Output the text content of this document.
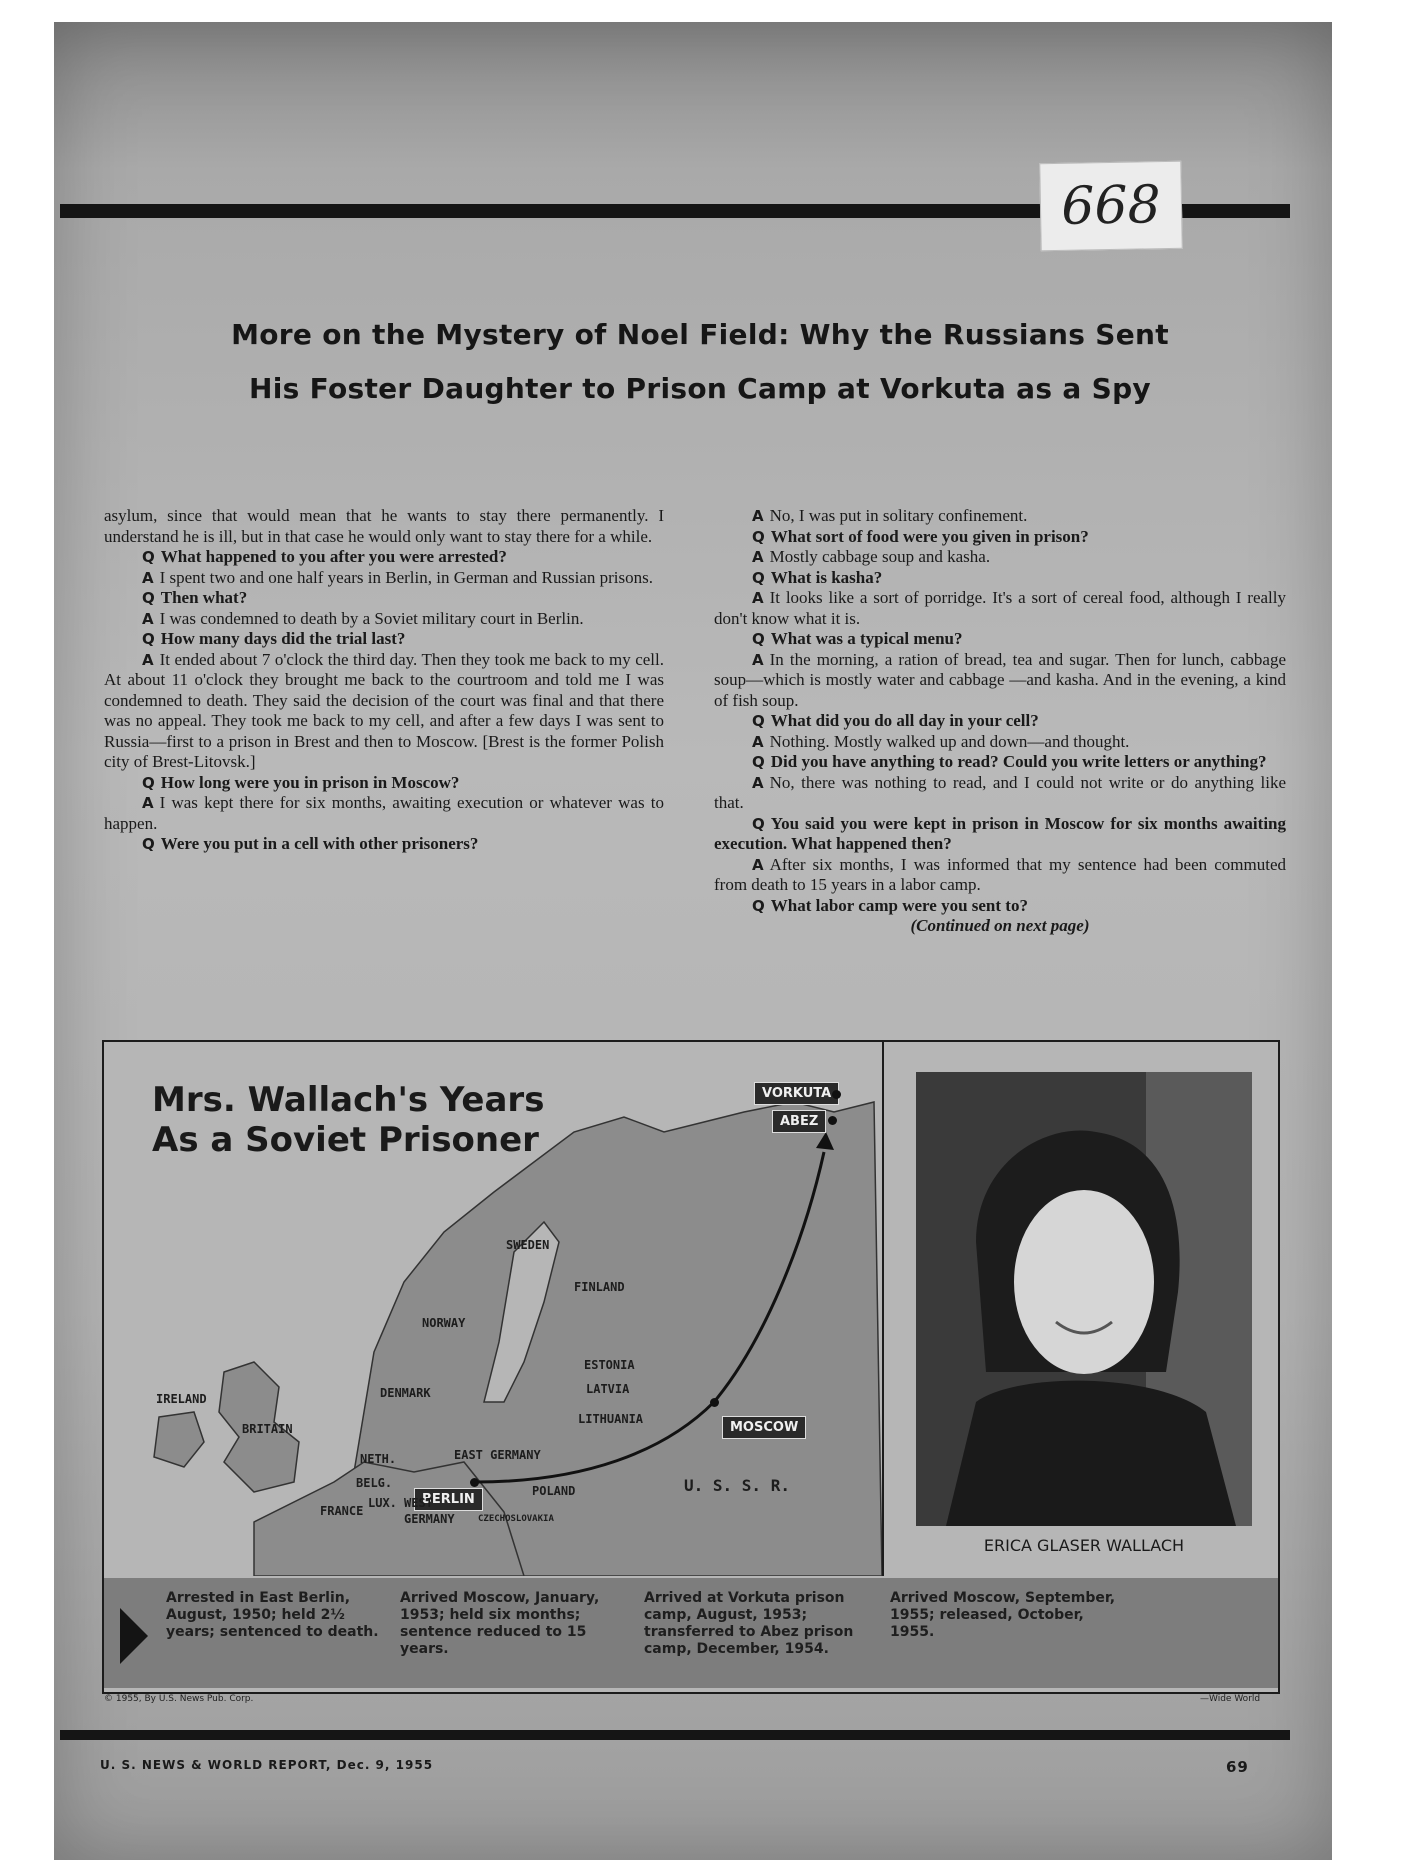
668
More on the Mystery of Noel Field: Why the Russians Sent
His Foster Daughter to Prison Camp at Vorkuta as a Spy

asylum, since that would mean that he wants to stay there permanently. I understand he is ill, but in that case he would only want to stay there for a while.

Q What happened to you after you were arrested?

A I spent two and one half years in Berlin, in German and Russian prisons.

Q Then what?

A I was condemned to death by a Soviet military court in Berlin.

Q How many days did the trial last?

A It ended about 7 o'clock the third day. Then they took me back to my cell. At about 11 o'clock they brought me back to the courtroom and told me I was condemned to death. They said the decision of the court was final and that there was no appeal. They took me back to my cell, and after a few days I was sent to Russia—first to a prison in Brest and then to Moscow. [Brest is the former Polish city of Brest-Litovsk.]

Q How long were you in prison in Moscow?

A I was kept there for six months, awaiting execution or whatever was to happen.

Q Were you put in a cell with other prisoners?

A No, I was put in solitary confinement.

Q What sort of food were you given in prison?

A Mostly cabbage soup and kasha.

Q What is kasha?

A It looks like a sort of porridge. It's a sort of cereal food, although I really don't know what it is.

Q What was a typical menu?

A In the morning, a ration of bread, tea and sugar. Then for lunch, cabbage soup—which is mostly water and cabbage —and kasha. And in the evening, a kind of fish soup.

Q What did you do all day in your cell?

A Nothing. Mostly walked up and down—and thought.

Q Did you have anything to read? Could you write letters or anything?

A No, there was nothing to read, and I could not write or do anything like that.

Q You said you were kept in prison in Moscow for six months awaiting execution. What happened then?

A After six months, I was informed that my sentence had been commuted from death to 15 years in a labor camp.

Q What labor camp were you sent to?

(Continued on next page)

Mrs. Wallach's Years
As a Soviet Prisoner
VORKUTA
ABEZ
MOSCOW
BERLIN
SWEDEN
FINLAND
NORWAY
ESTONIA
LATVIA
LITHUANIA
DENMARK
IRELAND
BRITAIN
NETH.	EAST GERMANY
BELG.
LUX.
FRANCE
WEST
GERMANY
POLAND
CZECHOSLOVAKIA
U. S. S. R.
ERICA GLASER WALLACH
Arrested in East Berlin, August, 1950; held 2½ years; sentenced to death.
Arrived Moscow, January, 1953; held six months; sentence reduced to 15 years.
Arrived at Vorkuta prison camp, August, 1953; transferred to Abez prison camp, December, 1954.
Arrived Moscow, September, 1955; released, October, 1955.
© 1955, By U.S. News Pub. Corp.	—Wide World
U. S. NEWS & WORLD REPORT, Dec. 9, 1955	69
